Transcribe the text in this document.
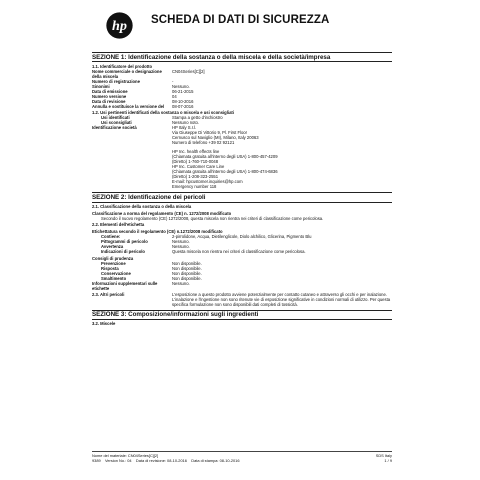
hp SCHEDA DI DATI DI SICUREZZA
SEZIONE 1: Identificazione della sostanza o della miscela e della società/impresa
1.1. Identificatore del prodotto
Nome commerciale o designazione della miscela
CN04Series[C][2]
Numero di registrazione	-
Sinonimi	Nessuno.
Data di emissione	06-21-2015
Numero versione	04
Data di revisione	08-10-2016
Annulla e sostituisce la versione del	08-07-2016
1.2. Usi pertinenti identificati della sostanza o miscela e usi sconsigliati
Usi identificati	Stampa a getto d'inchiostro
Usi sconsigliati	Nessuno noto.
Identificazione società	HP Italy S.r.l.
Via Giuseppe Di Vittorio 9, Pl. First Floor
Cernusco sul Naviglio (MI), Milano, Italy 20063
Numero di telefono +39 02 92121
HP Inc. health effects line
(Chiamata gratuita all'interno degli USA) 1-800-457-4209
(Diretto) 1-760-710-0048
HP Inc. Customer Care Line
(Chiamata gratuita all'interno degli USA) 1-800-474-6836
(Diretto) 1-208-323-2551
E-mail: hpcustomer.inquiries@hp.com
Emergency number 118
SEZIONE 2: Identificazione dei pericoli
2.1. Classificazione della sostanza o della miscela
Classificazione a norma del regolamento (CE) n. 1272/2008 modificato
Secondo il nuovo regolamento (CE) 1272/2008, questa miscela non rientra nei criteri di classificazione come pericolosa.
2.2. Elementi dell'etichetta
Etichettatura secondo il regolamento (CE) n.1272/2008 modificato
Contiene:	2-pirrolidone, Acqua, Dietilenglicole, Diolo alchilico, Glicerina, Pigmento Blu
Pittogrammi di pericolo	Nessuno.
Avvertenza	Nessuno.
Indicazioni di pericolo	Questa miscela non rientra nei criteri di classificazione come pericolosa.
Consigli di prudenza
Prevenzione	Non disponibile.
Risposta	Non disponibile.
Conservazione	Non disponibile.
Smaltimento	Non disponibile.
Informazioni supplementari sulle etichette
Nessuno.
2.3. Altri pericoli	L'esposizione a questo prodotto avviene potenzialmente per contatto cutaneo e attraverso gli occhi e per inalazione. L'inalazione e l'ingestione non sono ritenute vie di esposizione significative in condizioni normali di utilizzo. Per questa specifica formulazione non sono disponibili dati completi di tossicità.
SEZIONE 3: Composizione/informazioni sugli ingredienti
3.2. Miscele
Nome del materiale: CN04Series[C][2]	SDS Italy
9389    Version No.: 04    Data di revisione: 08-10-2016    Data di stampa: 08-10-2016	1 / 9
